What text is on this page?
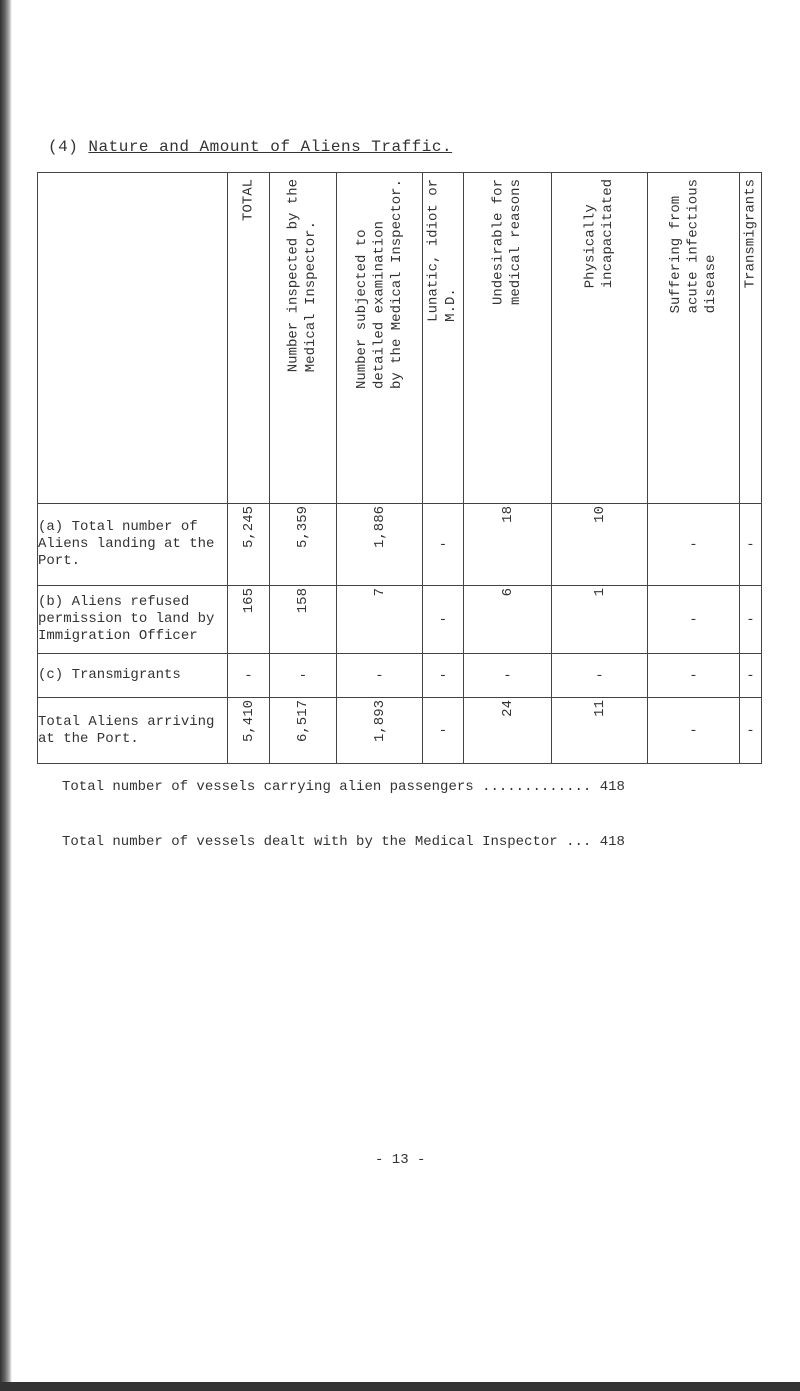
(4) Nature and Amount of Aliens Traffic.

	TOTAL	Number inspected by the
Medical Inspector.	Number subjected to
detailed examination
by the Medical Inspector.	Lunatic, idiot or
M.D.	Undesirable for
medical reasons	Physically
incapacitated	Suffering from
acute infectious
disease	Transmigrants

(a) Total number of Aliens landing at the Port.	5,245	5,359	1,886	-	18	10	-	-
(b) Aliens refused permission to land by Immigration Officer	165	158	7	-	6	1	-	-
(c) Transmigrants	-	-	-	-	-	-	-	-
Total Aliens arriving at the Port.	5,410	6,517	1,893	-	24	11	-	-

Total number of vessels carrying alien passengers ............. 418

Total number of vessels dealt with by the Medical Inspector ... 418

- 13 -
